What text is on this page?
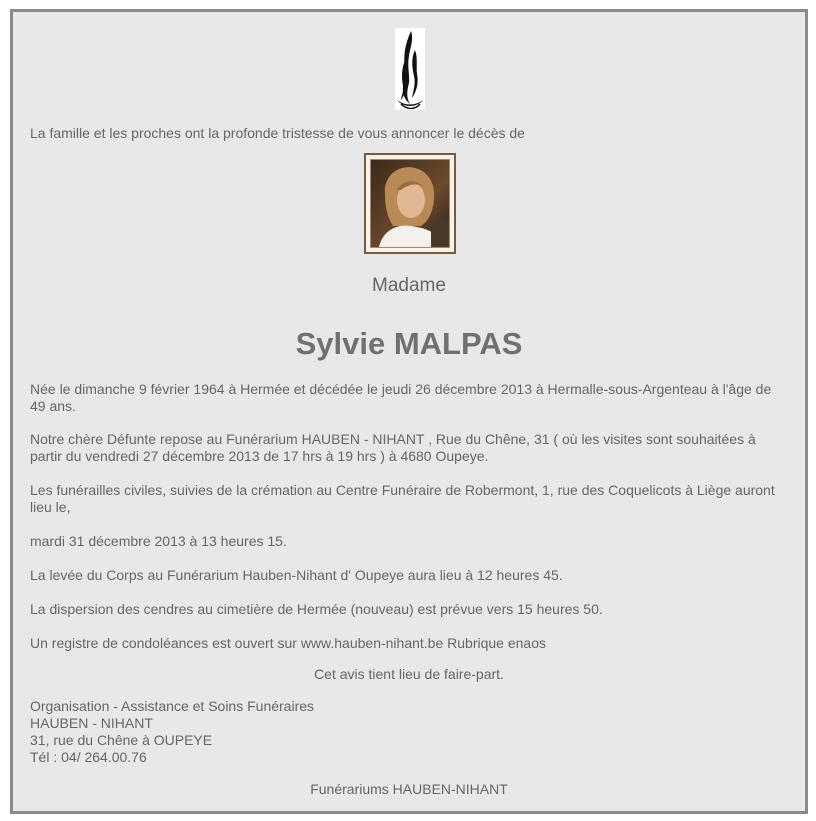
La famille et les proches ont la profonde tristesse de vous annoncer le décès de

Madame

Sylvie MALPAS

Née le dimanche 9 février 1964 à Hermée et décédée le jeudi 26 décembre 2013 à Hermalle-sous-Argenteau à l'âge de 49 ans.

Notre chère Défunte repose au Funérarium HAUBEN - NIHANT , Rue du Chêne, 31 ( où les visites sont souhaitées à partir du vendredi 27 décembre 2013 de 17 hrs à 19 hrs ) à 4680 Oupeye.

Les funérailles civiles, suivies de la crémation au Centre Funéraire de Robermont, 1, rue des Coquelicots à Liège auront lieu le,

mardi 31 décembre 2013 à 13 heures 15.

La levée du Corps au Funérarium Hauben-Nihant d' Oupeye aura lieu à 12 heures 45.

La dispersion des cendres au cimetière de Hermée (nouveau) est prévue vers 15 heures 50.

Un registre de condoléances est ouvert sur www.hauben-nihant.be Rubrique enaos

Cet avis tient lieu de faire-part.

Organisation - Assistance et Soins Funéraires
HAUBEN - NIHANT
31, rue du Chêne à OUPEYE
Tél : 04/ 264.00.76

Funérariums HAUBEN-NIHANT
